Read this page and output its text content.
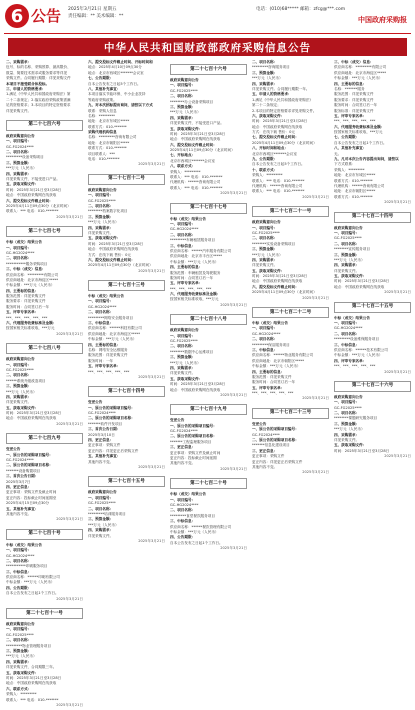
6 公告 2025年3月21日 星期五
责任编辑：** 美术编辑：**
电话：(010)68***** 邮箱：zfcg@***.com
中国政府采购报
中华人民共和国财政部政府采购信息公告
二、采购需求：
包号、标的名称、采购预算、最高限价、
数量、简要技术需求或服务要求等详见
采购文件。合同履行期限：详见采购文件
本项目不接受联合体投标。
三、申请人的资格要求：
1.满足《中华人民共和国政府采购法》第
二十二条规定；2.落实政府采购政策需满
足的资格要求；3.本项目的特定资格要求
详见采购文件。
第二十七百六号
政府采购意向公告
一、项目编号：
GC-FG2024****
二、项目名称：
*********设备采购项目
三、预算金额：
***万元（人民币）
四、采购需求：
详见采购文件，不接受进口产品。
五、获取采购文件：
时间：2025年3月21日至3月28日
地点：中国政府采购网在线获取
六、提交投标文件截止时间：
2025年4月11日09点30分（北京时间）
联系人：*** 电话：010-*******
2025年3月21日
第二十七百七号
中标（成交）结果公告
一、项目编号：
GC-HG2024****
二、项目名称：
***********服务采购项目
三、中标（成交）信息：
供应商名称：*********有限公司
供应商地址：北京市海淀区*****
中标金额：***万元（人民币）
四、主要标的信息：
服务范围：详见采购文件
服务要求：详见采购文件
服务时间：合同签订后一年
五、评审专家名单：
***、***、***、***、***
六、代理服务收费标准及金额：
按国家相关标准收取，***万元
2025年3月21日
第二十七百八号
政府采购意向公告
一、项目编号：
GC-FG2025****
二、项目名称：
******系统升级改造项目
三、预算金额：
***万元（人民币）
四、采购需求：
详见采购文件。
五、获取采购文件：
时间：2025年3月21日至3月28日
地点：中国政府采购网在线获取
2025年3月21日
第二十七百九号
变更公告
一、原公告的采购项目编号：
GC-FG2024****
二、原公告的采购项目名称：
*******设备购置项目
三、首次公告日期：
2025年3月7日
四、更正信息：
更正事项：采购文件及截止时间
更正内容：投标截止时间延期至
2025年4月15日09点30分
五、其他补充事宜：
其他内容不变。
2025年3月21日
第二十七百十号
中标（成交）结果公告
一、项目编号：
GC-HG2024****
二、项目名称：
***********印刷服务项目
三、中标信息：
供应商名称：******印刷有限公司
中标金额：***万元（人民币）
四、公告期限：
自本公告发布之日起1个工作日。
2025年3月21日
第二十七百十一号
政府采购意向公告
一、项目编号：
GC-FG2025****
二、项目名称：
*********物业管理服务项目
三、预算金额：
***万元（人民币）
四、采购需求：
详见采购文件，合同期限三年。
五、获取采购文件：
时间：2025年3月21日至3月28日
地点：中国政府采购网在线获取
六、联系方式：
采购人：*********
联系人：*** 电话：010-*******
2025年3月21日
六、提交投标文件截止时间、开标时间和
地点：2025年4月10日09点30分
地点：北京市西城区*******会议室
七、公告期限：
自本公告发布之日起5个工作日。
八、其他补充事宜：
本项目落实节能环保、中小企业扶持
等政府采购政策。
九、对本次招标提出询问，请按以下方式
联系：采购人信息
名称：*********
地址：北京市东城区*****
联系方式：010-*******
采购代理机构信息
名称：*********咨询有限公司
地址：北京市朝阳区*****
联系方式：010-*******
项目联系人：***
电话：010-*******
2025年3月21日
第二十七百十二号
政府采购意向公告
一、项目编号：
GC-FG2025****
二、项目名称：
********档案数字化项目
三、预算金额：
***万元（人民币）
四、采购需求：
详见采购文件。
五、获取采购文件：
时间：2025年3月21日至3月28日
地点：中国政府采购网在线获取
方式：在线下载 售价：0元
六、提交投标文件截止时间：
2025年4月11日09点30分（北京时间）
2025年3月21日
第二十七百十三号
中标（成交）结果公告
一、项目编号：
GC-HG2024****
二、项目名称：
*********网络安全服务项目
三、中标信息：
供应商名称：******科技有限公司
供应商地址：北京市海淀区*****
中标金额：***万元（人民币）
四、主要标的信息：
名称：网络安全运维服务
服务范围：详见采购文件
服务时间：一年
五、评审专家名单：
***、***、***、***、***
2025年3月21日
第二十七百十四号
变更公告
一、原公告的采购项目编号：
GC-FG2024****
二、原公告的采购项目名称：
*******软件开发项目
三、首次公告日期：
2025年3月10日
四、更正信息：
更正事项：采购文件
更正内容：详见更正后采购文件
五、其他补充事宜：
其他内容不变。
2025年3月21日
第二十七百十五号
政府采购意向公告
一、项目编号：
GC-FG2025****
二、项目名称：
*********培训服务项目
三、预算金额：
***万元（人民币）
四、采购需求：
详见采购文件。
2025年3月21日
第二十七百十六号
政府采购意向公告
一、项目编号：
GC-FG2025****
二、项目名称：
********办公设备采购项目
三、预算金额：
***万元（人民币）
四、采购需求：
详见采购文件，不接受进口产品。
五、获取采购文件：
时间：2025年3月21日至3月28日
地点：中国政府采购网在线获取
六、提交投标文件截止时间：
2025年4月11日09点30分（北京时间）
七、开标地点：
北京市西城区*******会议室
八、联系方式：
采购人：*********
联系人：*** 电话：010-*******
代理机构：******咨询有限公司
联系人：*** 电话：010-*******
2025年3月21日
第二十七百十七号
中标（成交）结果公告
一、项目编号：
GC-HG2024****
二、项目名称：
*********车辆租赁服务项目
三、中标信息：
供应商名称：******汽车服务有限公司
供应商地址：北京市丰台区*****
中标金额：***万元（人民币）
四、主要标的信息：
服务范围：车辆租赁及驾驶服务
服务时间：合同签订后一年
五、评审专家名单：
***、***、***、***、***
六、代理服务收费标准及金额：
按国家相关标准收取，***万元
2025年3月21日
第二十七百十八号
政府采购意向公告
一、项目编号：
GC-FG2025****
二、项目名称：
********数据中心运维项目
三、预算金额：
***万元（人民币）
四、采购需求：
详见采购文件。
五、获取采购文件：
时间：2025年3月21日至3月28日
地点：中国政府采购网在线获取
2025年3月21日
第二十七百十九号
变更公告
一、原公告的采购项目编号：
GC-FG2024****
二、原公告的采购项目名称：
*******工程监理服务项目
三、更正信息：
更正事项：采购文件及截止时间
更正内容：投标截止时间延期
其他内容不变。
2025年3月21日
第二十七百二十号
中标（成交）结果公告
一、项目编号：
GC-HG2024****
二、项目名称：
*********食堂餐饮服务项目
三、中标信息：
供应商名称：******餐饮管理有限公司
中标金额：***万元（人民币）
四、公告期限：
自本公告发布之日起1个工作日。
2025年3月21日
二、项目名称：
*********咨询服务项目
三、预算金额：
***万元（人民币）
四、采购需求：
详见采购文件。合同履行期限一年。
五、申请人的资格要求：
1.满足《中华人民共和国政府采购法》
第二十二条规定；
2.本项目的特定资格要求详见采购文件。
六、获取采购文件：
时间：2025年3月21日至3月28日
地点：中国政府采购网在线获取
方式：在线下载 售价：0元
七、提交投标文件截止时间：
2025年4月11日09点30分（北京时间）
八、开标时间和地点：
北京市西城区*******会议室
九、公告期限：
自本公告发布之日起5个工作日。
十、联系方式：
采购人：*********
联系人：*** 电话：010-*******
代理机构：******咨询有限公司
联系人：*** 电话：010-*******
2025年3月21日
第二十七百二十一号
政府采购意向公告
一、项目编号：
GC-FG2025****
二、项目名称：
********实验设备采购项目
三、预算金额：
***万元（人民币）
四、采购需求：
详见采购文件。
五、获取采购文件：
时间：2025年3月21日至3月28日
地点：中国政府采购网在线获取
六、提交投标文件截止时间：
2025年4月11日09点30分（北京时间）
2025年3月21日
第二十七百二十二号
中标（成交）结果公告
一、项目编号：
GC-HG2024****
二、项目名称：
*********保洁服务项目
三、中标信息：
供应商名称：******物业服务有限公司
供应商地址：北京市朝阳区*****
中标金额：***万元（人民币）
四、主要标的信息：
服务范围：详见采购文件
服务时间：合同签订后一年
五、评审专家名单：
***、***、***、***、***
2025年3月21日
第二十七百二十三号
变更公告
一、原公告的采购项目编号：
GC-FG2024****
二、原公告的采购项目名称：
*******信息化建设项目
三、更正信息：
更正事项：采购文件
更正内容：详见更正后采购文件
其他内容不变。
2025年3月21日
三、中标（成交）信息：
供应商名称：*********有限公司
供应商地址：北京市海淀区*****
中标金额：***万元（人民币）
四、主要标的信息：
名称：*******服务
服务范围：详见采购文件
服务要求：详见采购文件
服务时间：合同签订后一年
服务标准：详见采购文件
五、评审专家名单：
***、***、***、***、***
六、代理服务收费标准及金额：
按国家相关标准收取，***万元
七、公告期限：
自本公告发布之日起1个工作日。
八、其他补充事宜：
无。
九、凡对本次公告内容提出询问，请按以
下方式联系：
采购人：*********
地址：北京市东城区*****
联系方式：010-*******
代理机构：******咨询有限公司
地址：北京市朝阳区*****
联系方式：010-*******
2025年3月21日
第二十七百二十四号
政府采购意向公告
一、项目编号：
GC-FG2025****
二、项目名称：
********宣传服务项目
三、预算金额：
***万元（人民币）
四、采购需求：
详见采购文件。
五、获取采购文件：
时间：2025年3月21日至3月28日
地点：中国政府采购网在线获取
2025年3月21日
第二十七百二十五号
中标（成交）结果公告
一、项目编号：
GC-HG2024****
二、项目名称：
*********设备维保服务项目
三、中标信息：
供应商名称：******技术有限公司
中标金额：***万元（人民币）
四、评审专家名单：
***、***、***、***、***
2025年3月21日
第二十七百二十六号
政府采购意向公告
一、项目编号：
GC-FG2025****
二、项目名称：
********课题研究服务项目
三、预算金额：
***万元（人民币）
四、采购需求：
详见采购文件。
五、获取采购文件：
时间：2025年3月21日至3月28日
2025年3月21日
